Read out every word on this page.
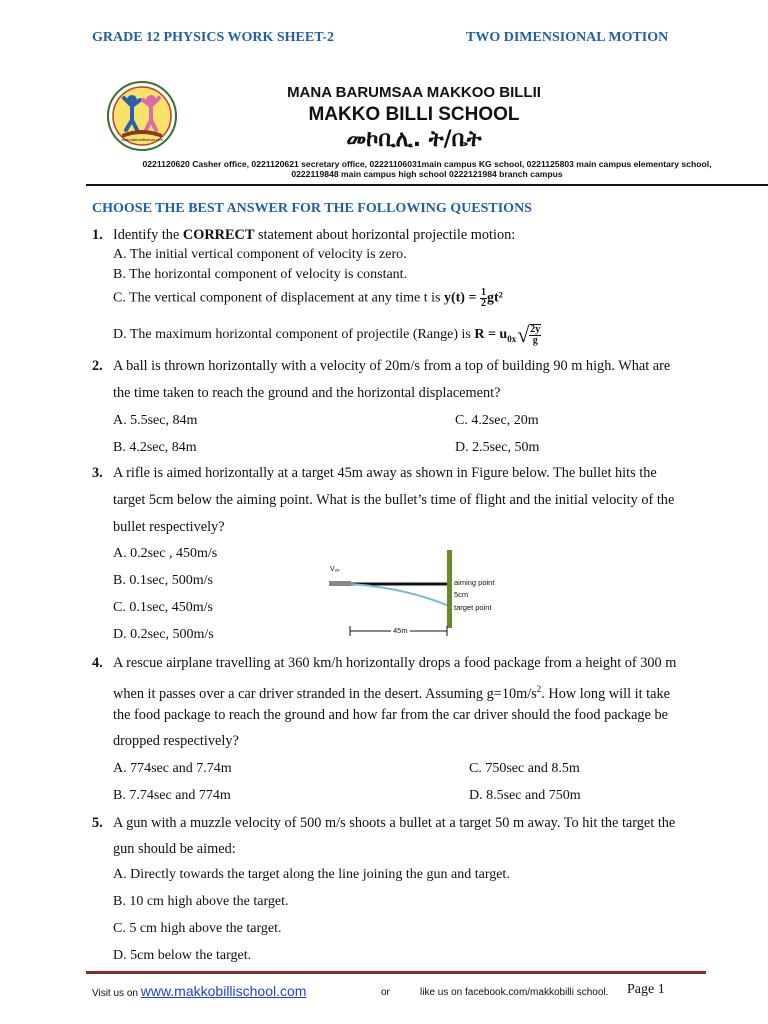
GRADE 12 PHYSICS WORK SHEET-2	TWO DIMENSIONAL MOTION
www.makkobillischool.com
MANA BARUMSAA MAKKOO BILLII
MAKKO BILLI SCHOOL
መኮቢሊ. ት/ቤት
0221120620 Casher office, 0221120621 secretary office, 02221106031main campus KG school, 0221125803 main campus elementary school,
0222119848 main campus high school 0222121984 branch campus
CHOOSE THE BEST ANSWER FOR THE FOLLOWING QUESTIONS
1. Identify the CORRECT statement about horizontal projectile motion:
A. The initial vertical component of velocity is zero.
B. The horizontal component of velocity is constant.
C. The vertical component of displacement at any time t is $y(t) = \frac{1}{2} gt^2$
D. The maximum horizontal component of projectile (Range) is $R = u_{0x}√ \frac{2y}{g}$
2. A ball is thrown horizontally with a velocity of 20m/s from a top of building 90 m high. What are
the time taken to reach the ground and the horizontal displacement?
A. 5.5sec, 84m	C. 4.2sec, 20m
B. 4.2sec, 84m	D. 2.5sec, 50m
3. A rifle is aimed horizontally at a target 45m away as shown in Figure below. The bullet hits the
target 5cm below the aiming point. What is the bullet’s time of flight and the initial velocity of the
bullet respectively?
A. 0.2sec , 450m/s
B. 0.1sec, 500m/s
C. 0.1sec, 450m/s
D. 0.2sec, 500m/s
Vₒₓ
aiming point
5cm
target point
45m
4. A rescue airplane travelling at 360 km/h horizontally drops a food package from a height of 300 m
when it passes over a car driver stranded in the desert. Assuming $g=10m/s^2$. How long will it take
the food package to reach the ground and how far from the car driver should the food package be
dropped respectively?
A. 774sec and 7.74m	C. 750sec and 8.5m
B. 7.74sec and 774m	D. 8.5sec and 750m
5. A gun with a muzzle velocity of 500 m/s shoots a bullet at a target 50 m away. To hit the target the
gun should be aimed:
A. Directly towards the target along the line joining the gun and target.
B. 10 cm high above the target.
C. 5 cm high above the target.
D. 5cm below the target.
Visit us on www.makkobillischool.com	or	like us on facebook.com/makkobilli school. Page 1
